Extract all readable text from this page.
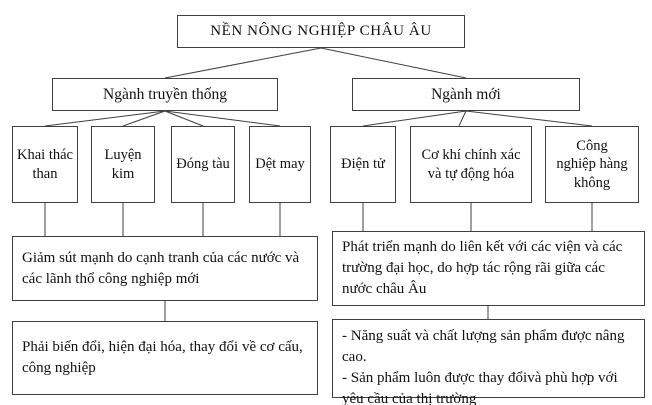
NỀN NÔNG NGHIỆP CHÂU ÂU
Ngành truyền thống	Ngành mới
Khai thác than
Luyện kim
Đóng tàu	Dệt may	Điện tử
Cơ khí chính xác và tự động hóa
Công nghiệp hàng không
Giảm sút mạnh do cạnh tranh của các nước và các lãnh thổ công nghiệp mới
Phát triển mạnh do liên kết với các viện và các trường đại học, do hợp tác rộng rãi giữa các nước châu Âu
Phải biến đổi, hiện đại hóa, thay đổi về cơ cấu, công nghiệp
- Năng suất và chất lượng sản phẩm được nâng cao.
- Sản phẩm luôn được thay đổivà phù hợp với yêu cầu của thị trường
